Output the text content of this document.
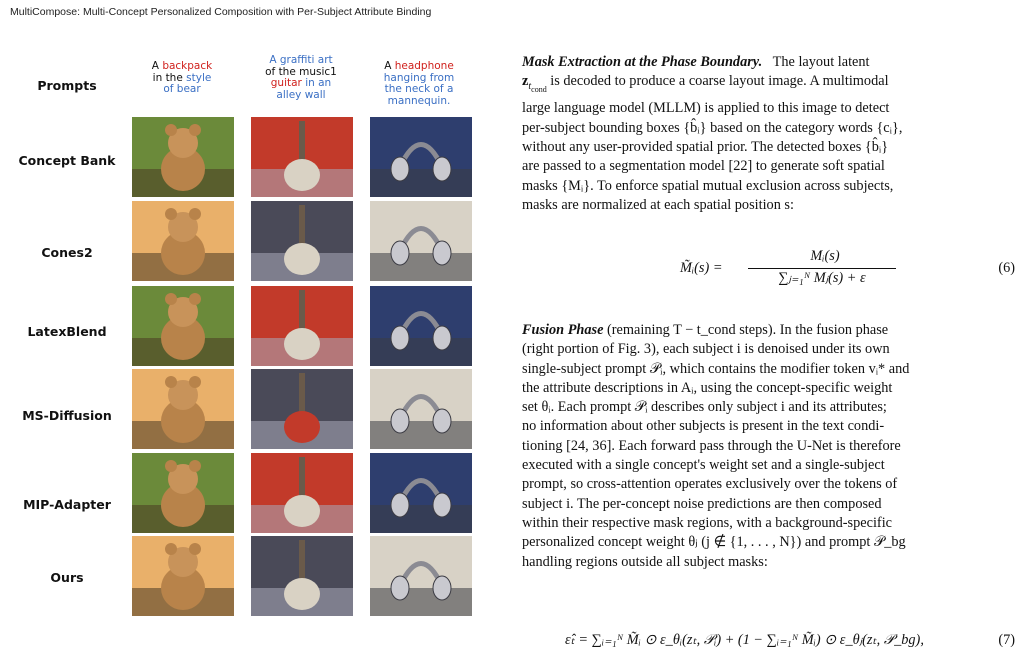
MultiCompose: Multi-Concept Personalized Composition with Per-Subject Attribute Binding
Prompts
Concept Bank
Cones2
LatexBlend
MS-Diffusion
MIP-Adapter
Ours
A backpack
in the style
of bear
A graffiti art
of the music1
guitar in an
alley wall
A headphone
hanging from
the neck of a
mannequin.

Mask Extraction at the Phase Boundary. The layout latent
$z_{t_{cond}}$ is decoded to produce a coarse layout image. A multimodal
large language model (MLLM) is applied to this image to detect
per-subject bounding boxes {b̂ᵢ} based on the category words {cᵢ},
without any user-provided spatial prior. The detected boxes {b̂ᵢ}
are passed to a segmentation model [22] to generate soft spatial
masks {Mᵢ}. To enforce spatial mutual exclusion across subjects,
masks are normalized at each spatial position s:

M̃ᵢ(s) =
Mᵢ(s)
∑ⱼ₌₁ᴺ Mⱼ(s) + ε
(6)

Fusion Phase (remaining T − t_cond steps). In the fusion phase
(right portion of Fig. 3), each subject i is denoised under its own
single-subject prompt 𝒫ᵢ, which contains the modifier token vᵢ* and
the attribute descriptions in Aᵢ, using the concept-specific weight
set θᵢ. Each prompt 𝒫ᵢ describes only subject i and its attributes;
no information about other subjects is present in the text condi-
tioning [24, 36]. Each forward pass through the U-Net is therefore
executed with a single concept's weight set and a single-subject
prompt, so cross-attention operates exclusively over the tokens of
subject i. The per-concept noise predictions are then composed
within their respective mask regions, with a background-specific
personalized concept weight θⱼ (j ∉ {1, . . . , N}) and prompt 𝒫_bg
handling regions outside all subject masks:

ε̂ₜ = ∑ᵢ₌₁ᴺ M̃ᵢ ⊙ ε_θᵢ(zₜ, 𝒫ᵢ) + (1 − ∑ᵢ₌₁ᴺ M̃ᵢ) ⊙ ε_θⱼ(zₜ, 𝒫_bg),	(7)
